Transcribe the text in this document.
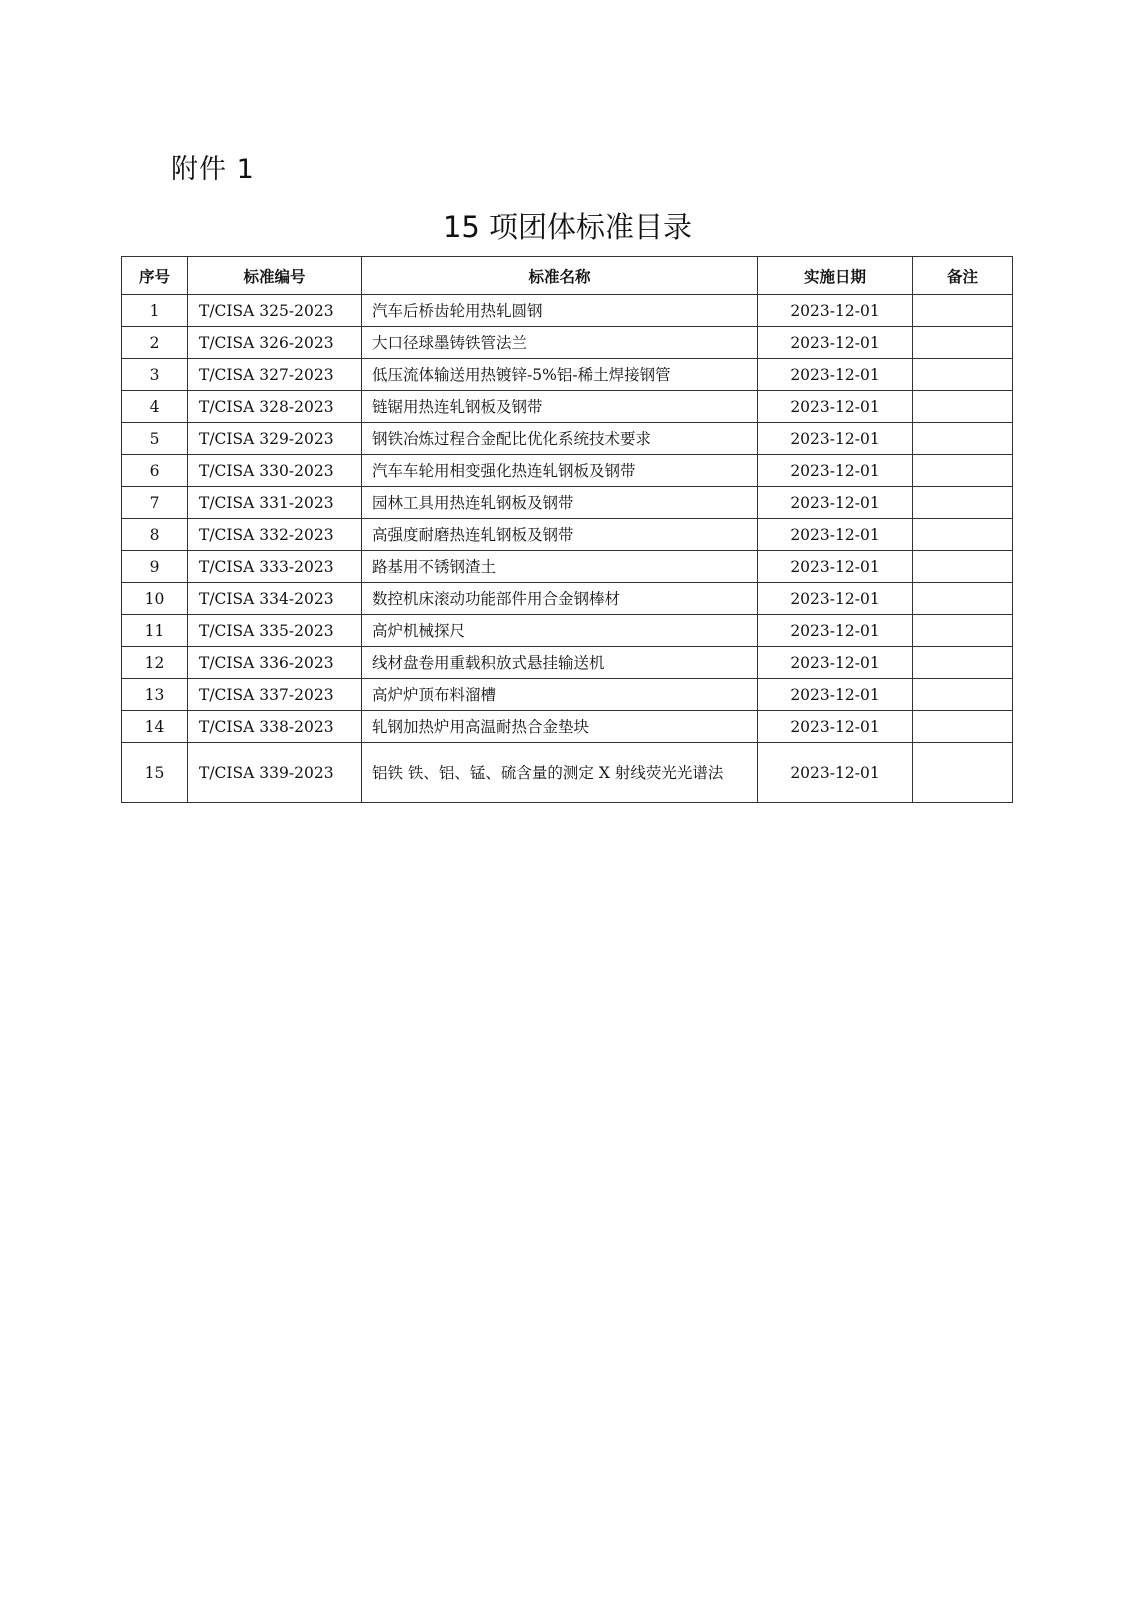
附件 1
15 项团体标准目录
序号	标准编号	标准名称	实施日期	备注
1	T/CISA 325-2023	汽车后桥齿轮用热轧圆钢	2023-12-01	
2	T/CISA 326-2023	大口径球墨铸铁管法兰	2023-12-01	
3	T/CISA 327-2023	低压流体输送用热镀锌-5%铝-稀土焊接钢管	2023-12-01	
4	T/CISA 328-2023	链锯用热连轧钢板及钢带	2023-12-01	
5	T/CISA 329-2023	钢铁冶炼过程合金配比优化系统技术要求	2023-12-01	
6	T/CISA 330-2023	汽车车轮用相变强化热连轧钢板及钢带	2023-12-01	
7	T/CISA 331-2023	园林工具用热连轧钢板及钢带	2023-12-01	
8	T/CISA 332-2023	高强度耐磨热连轧钢板及钢带	2023-12-01	
9	T/CISA 333-2023	路基用不锈钢渣土	2023-12-01	
10	T/CISA 334-2023	数控机床滚动功能部件用合金钢棒材	2023-12-01	
11	T/CISA 335-2023	高炉机械探尺	2023-12-01	
12	T/CISA 336-2023	线材盘卷用重载积放式悬挂输送机	2023-12-01	
13	T/CISA 337-2023	高炉炉顶布料溜槽	2023-12-01	
14	T/CISA 338-2023	轧钢加热炉用高温耐热合金垫块	2023-12-01	
15	T/CISA 339-2023	铝铁 铁、铝、锰、硫含量的测定 X 射线荧光光谱法	2023-12-01	
